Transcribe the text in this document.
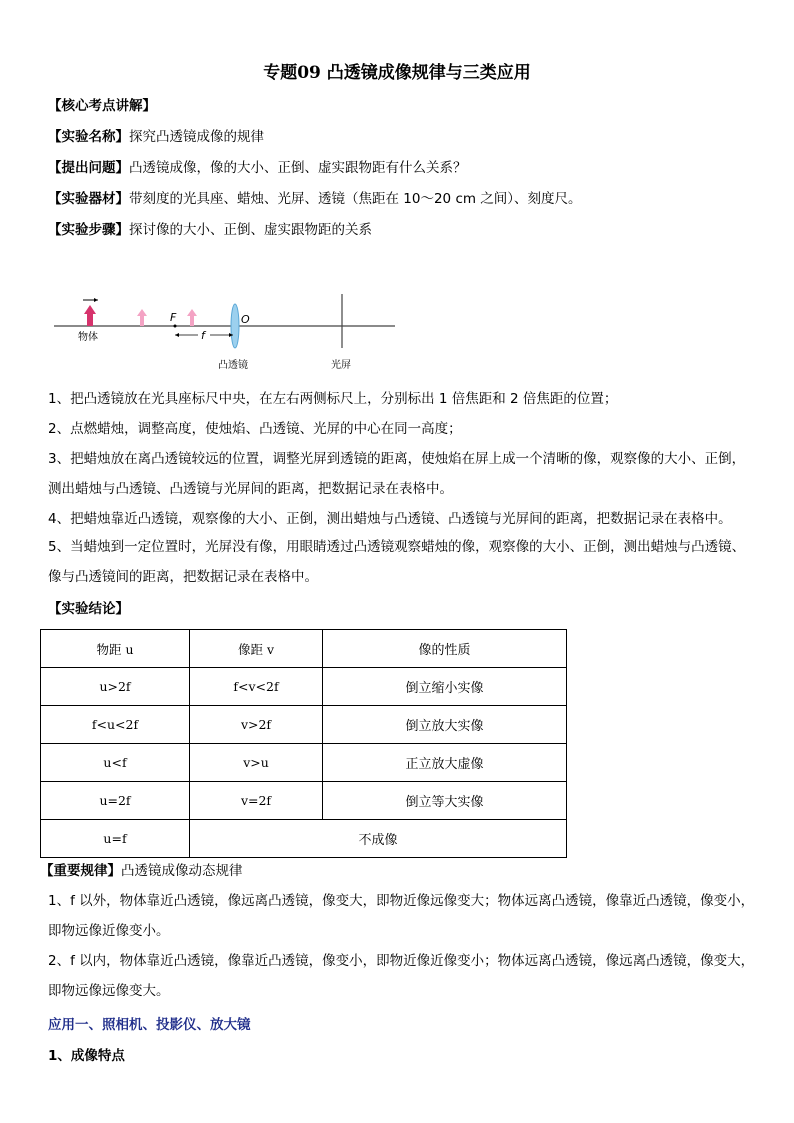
专题09 凸透镜成像规律与三类应用
【核心考点讲解】
【实验名称】探究凸透镜成像的规律
【提出问题】凸透镜成像，像的大小、正倒、虚实跟物距有什么关系？
【实验器材】带刻度的光具座、蜡烛、光屏、透镜（焦距在 10～20 cm 之间）、刻度尺。
【实验步骤】探讨像的大小、正倒、虚实跟物距的关系
F	O
f
物体
凸透镜	光屏
1、把凸透镜放在光具座标尺中央，在左右两侧标尺上，分别标出 1 倍焦距和 2 倍焦距的位置；
2、点燃蜡烛，调整高度，使烛焰、凸透镜、光屏的中心在同一高度；
3、把蜡烛放在离凸透镜较远的位置，调整光屏到透镜的距离，使烛焰在屏上成一个清晰的像，观察像的大小、正倒，测出蜡烛与凸透镜、凸透镜与光屏间的距离，把数据记录在表格中。
4、把蜡烛靠近凸透镜，观察像的大小、正倒，测出蜡烛与凸透镜、凸透镜与光屏间的距离，把数据记录在表格中。
5、当蜡烛到一定位置时，光屏没有像，用眼睛透过凸透镜观察蜡烛的像，观察像的大小、正倒，测出蜡烛与凸透镜、像与凸透镜间的距离，把数据记录在表格中。
【实验结论】
物距 u	像距 v	像的性质
u>2f	f<v<2f	倒立缩小实像
f<u<2f	v>2f	倒立放大实像
u<f	v>u	正立放大虚像
u=2f	v=2f	倒立等大实像
u=f	不成像	
【重要规律】凸透镜成像动态规律
1、f 以外，物体靠近凸透镜，像远离凸透镜，像变大，即物近像远像变大；物体远离凸透镜，像靠近凸透镜，像变小，即物远像近像变小。
2、f 以内，物体靠近凸透镜，像靠近凸透镜，像变小，即物近像近像变小；物体远离凸透镜，像远离凸透镜，像变大，即物远像远像变大。
应用一、照相机、投影仪、放大镜
1、成像特点
